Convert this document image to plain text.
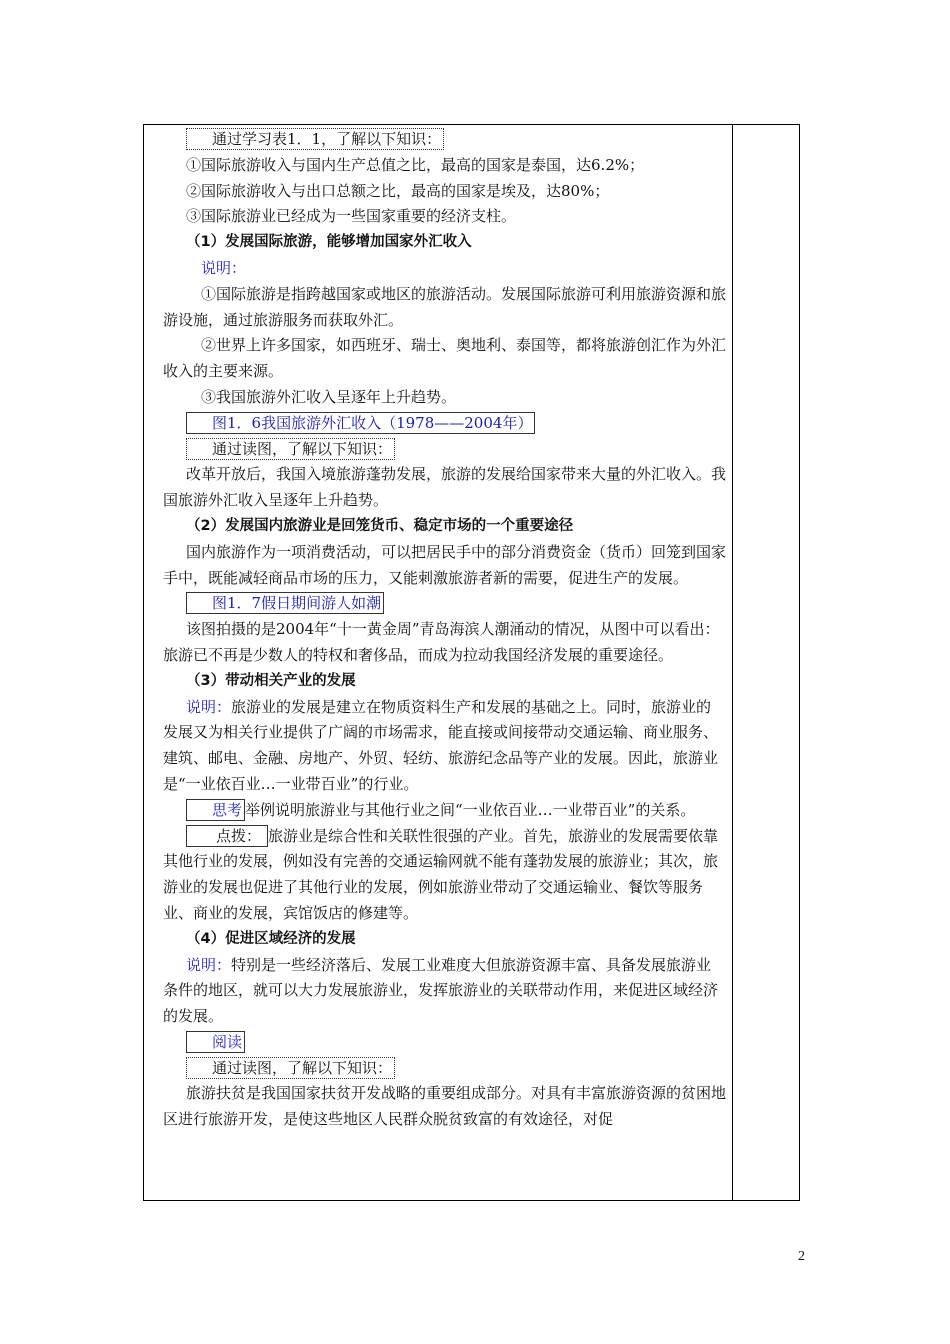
通过学习表1．1，了解以下知识：

①国际旅游收入与国内生产总值之比，最高的国家是泰国，达6.2%；

②国际旅游收入与出口总额之比，最高的国家是埃及，达80%；

③国际旅游业已经成为一些国家重要的经济支柱。

（1）发展国际旅游，能够增加国家外汇收入

说明：

①国际旅游是指跨越国家或地区的旅游活动。发展国际旅游可利用旅游资源和旅游设施，通过旅游服务而获取外汇。

②世界上许多国家，如西班牙、瑞士、奥地利、泰国等，都将旅游创汇作为外汇收入的主要来源。

③我国旅游外汇收入呈逐年上升趋势。

图1．6我国旅游外汇收入（1978——2004年）

通过读图，了解以下知识：

改革开放后，我国入境旅游蓬勃发展，旅游的发展给国家带来大量的外汇收入。我国旅游外汇收入呈逐年上升趋势。

（2）发展国内旅游业是回笼货币、稳定市场的一个重要途径

国内旅游作为一项消费活动，可以把居民手中的部分消费资金（货币）回笼到国家手中，既能减轻商品市场的压力，又能刺激旅游者新的需要，促进生产的发展。

图1．7假日期间游人如潮

该图拍摄的是2004年“十一黄金周”青岛海滨人潮涌动的情况，从图中可以看出：旅游已不再是少数人的特权和奢侈品，而成为拉动我国经济发展的重要途径。

（3）带动相关产业的发展

说明：旅游业的发展是建立在物质资料生产和发展的基础之上。同时，旅游业的发展又为相关行业提供了广阔的市场需求，能直接或间接带动交通运输、商业服务、建筑、邮电、金融、房地产、外贸、轻纺、旅游纪念品等产业的发展。因此，旅游业是“一业依百业…一业带百业”的行业。

思考 举例说明旅游业与其他行业之间“一业依百业…一业带百业”的关系。

点拨： 旅游业是综合性和关联性很强的产业。首先，旅游业的发展需要依靠其他行业的发展，例如没有完善的交通运输网就不能有蓬勃发展的旅游业；其次，旅游业的发展也促进了其他行业的发展，例如旅游业带动了交通运输业、餐饮等服务业、商业的发展，宾馆饭店的修建等。

（4）促进区域经济的发展

说明：特别是一些经济落后、发展工业难度大但旅游资源丰富、具备发展旅游业条件的地区，就可以大力发展旅游业，发挥旅游业的关联带动作用，来促进区域经济的发展。

阅读

通过读图，了解以下知识：

旅游扶贫是我国国家扶贫开发战略的重要组成部分。对具有丰富旅游资源的贫困地区进行旅游开发，是使这些地区人民群众脱贫致富的有效途径，对促

2
